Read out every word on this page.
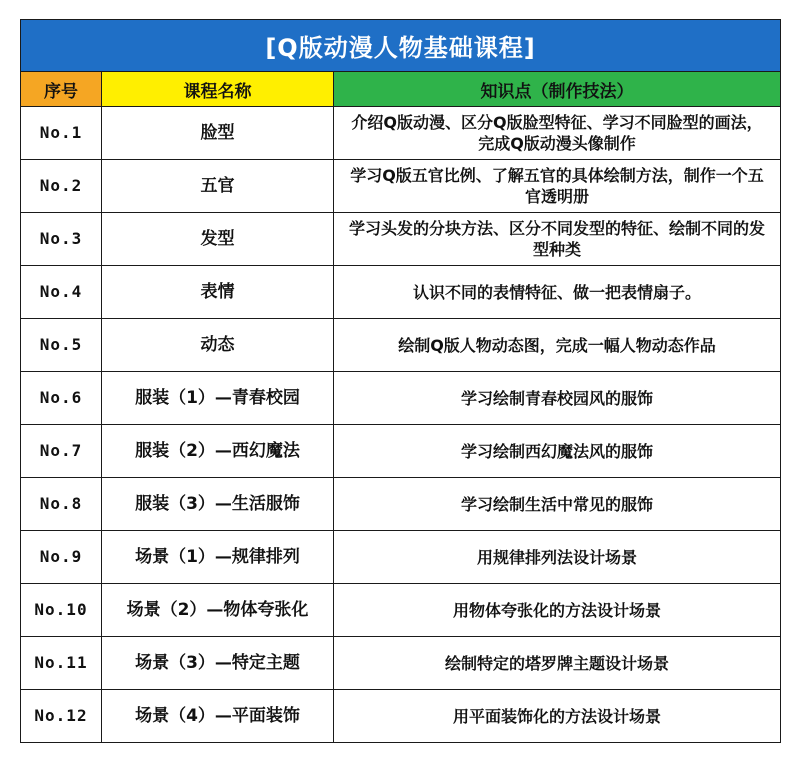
[Q版动漫人物基础课程]		
序号	课程名称	知识点（制作技法）
No.1	脸型	介绍Q版动漫、区分Q版脸型特征、学习不同脸型的画法，完成Q版动漫头像制作
No.2	五官	学习Q版五官比例、了解五官的具体绘制方法，制作一个五官透明册
No.3	发型	学习头发的分块方法、区分不同发型的特征、绘制不同的发型种类
No.4	表情	认识不同的表情特征、做一把表情扇子。
No.5	动态	绘制Q版人物动态图，完成一幅人物动态作品
No.6	服装（1）—青春校园	学习绘制青春校园风的服饰
No.7	服装（2）—西幻魔法	学习绘制西幻魔法风的服饰
No.8	服装（3）—生活服饰	学习绘制生活中常见的服饰
No.9	场景（1）—规律排列	用规律排列法设计场景
No.10	场景（2）—物体夸张化	用物体夸张化的方法设计场景
No.11	场景（3）—特定主题	绘制特定的塔罗牌主题设计场景
No.12	场景（4）—平面装饰	用平面装饰化的方法设计场景
